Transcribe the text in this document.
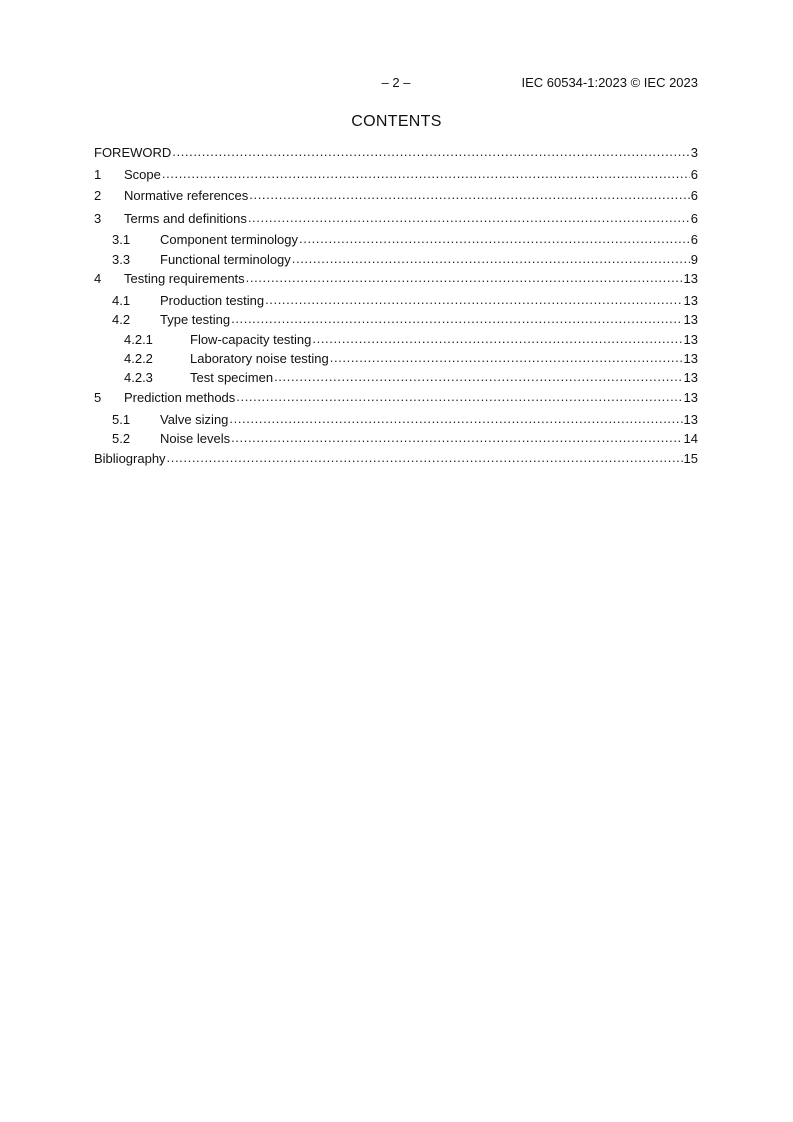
– 2 –	IEC 60534-1:2023 © IEC 2023
CONTENTS
FOREWORD .....	3
1	Scope .....	6
2	Normative references .....	6
3	Terms and definitions .....	6
3.1	Component terminology .....	6
3.3	Functional terminology .....	9
4	Testing requirements .....	13
4.1	Production testing .....	13
4.2	Type testing .....	13
4.2.1	Flow-capacity testing .....	13
4.2.2	Laboratory noise testing .....	13
4.2.3	Test specimen .....	13
5	Prediction methods .....	13
5.1	Valve sizing .....	13
5.2	Noise levels .....	14
Bibliography .....	15
